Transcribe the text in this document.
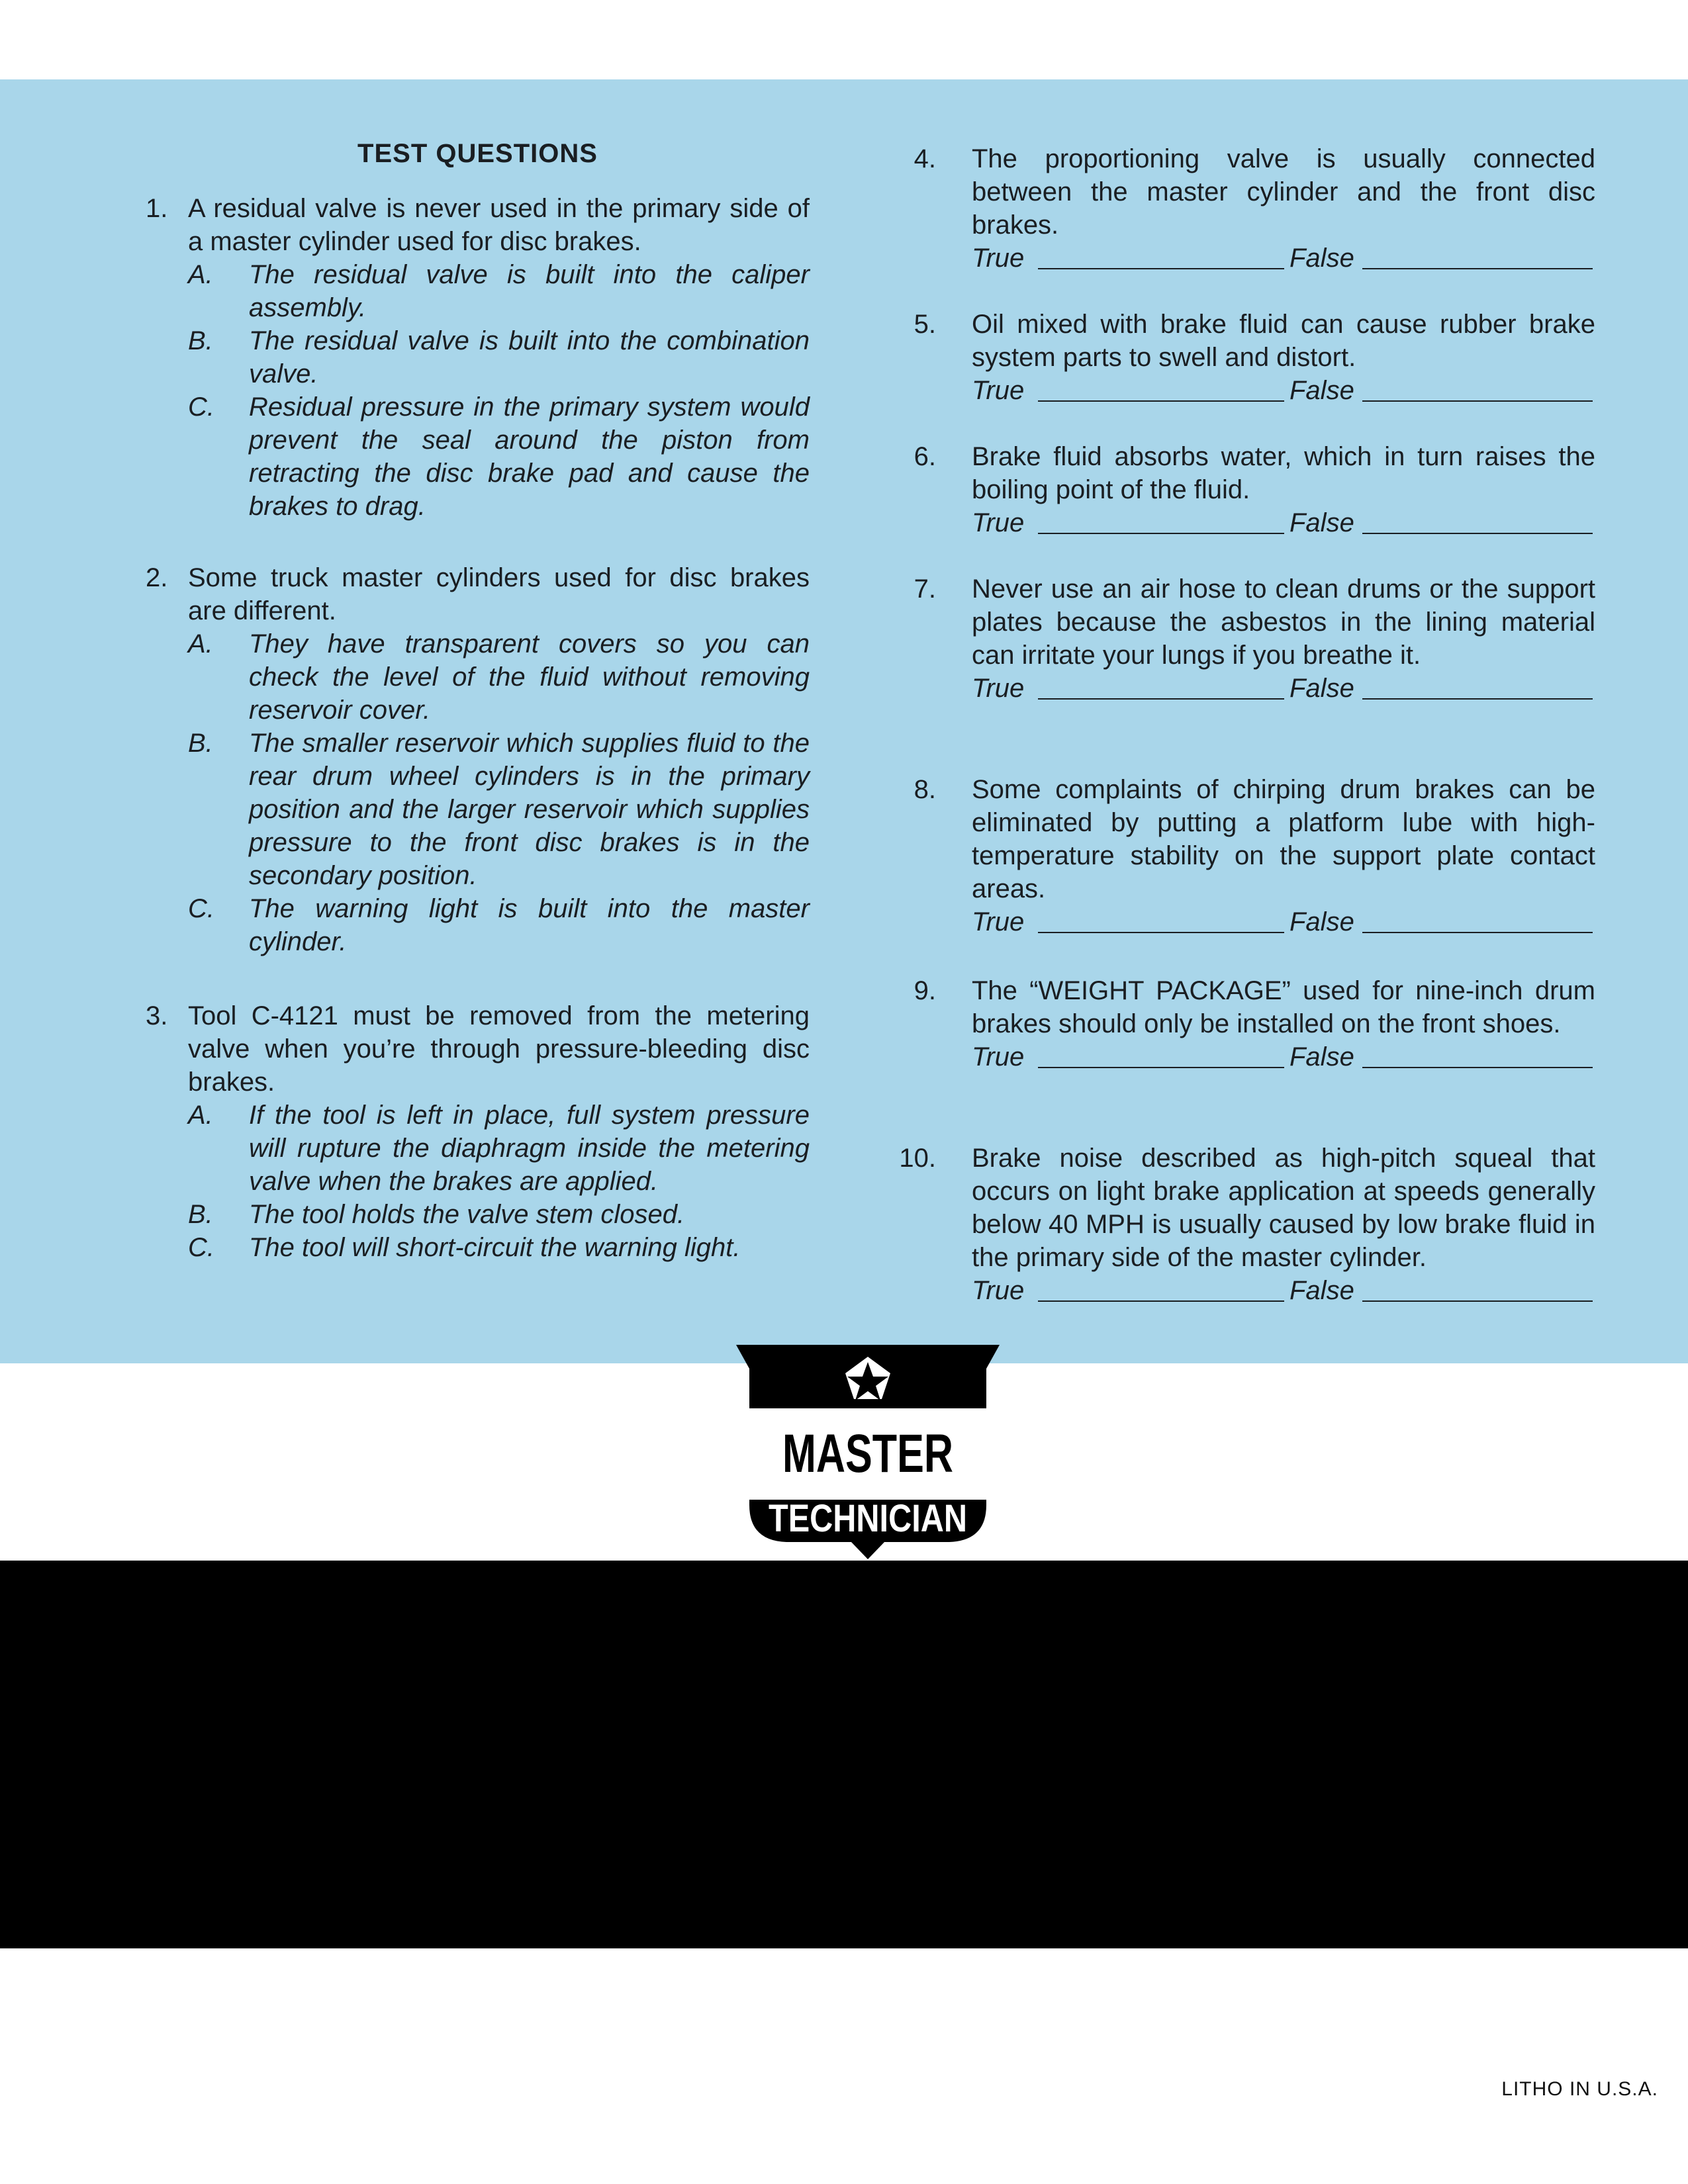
TEST QUESTIONS
1. A residual valve is never used in the primary side of a master cylinder used for disc brakes.
A. The residual valve is built into the caliper assembly.
B. The residual valve is built into the combination valve.
C. Residual pressure in the primary system would prevent the seal around the piston from retracting the disc brake pad and cause the brakes to drag.
2. Some truck master cylinders used for disc brakes are different.
A. They have transparent covers so you can check the level of the fluid without removing reservoir cover.
B. The smaller reservoir which supplies fluid to the rear drum wheel cylinders is in the primary position and the larger reservoir which supplies pressure to the front disc brakes is in the secondary position.
C. The warning light is built into the master cylinder.
3. Tool C-4121 must be removed from the metering valve when you’re through pressure-bleeding disc brakes.
A. If the tool is left in place, full system pressure will rupture the diaphragm inside the metering valve when the brakes are applied.
B. The tool holds the valve stem closed.
C. The tool will short-circuit the warning light.
4.	The proportioning valve is usually connected between the master cylinder and the front disc brakes.
True	False
5.	Oil mixed with brake fluid can cause rubber brake system parts to swell and distort.
True	False
6.	Brake fluid absorbs water, which in turn raises the boiling point of the fluid.
True	False
7.	Never use an air hose to clean drums or the support plates because the asbestos in the lining material can irritate your lungs if you breathe it.
True	False
8.	Some complaints of chirping drum brakes can be eliminated by putting a platform lube with high-temperature stability on the support plate contact areas.
True	False
9.	The “WEIGHT PACKAGE” used for nine-inch drum brakes should only be installed on the front shoes.
True	False
10.	Brake noise described as high-pitch squeal that occurs on light brake application at speeds generally below 40 MPH is usually caused by low brake fluid in the primary side of the master cylinder.
True	False
MASTER
TECHNICIAN
LITHO IN U.S.A.
